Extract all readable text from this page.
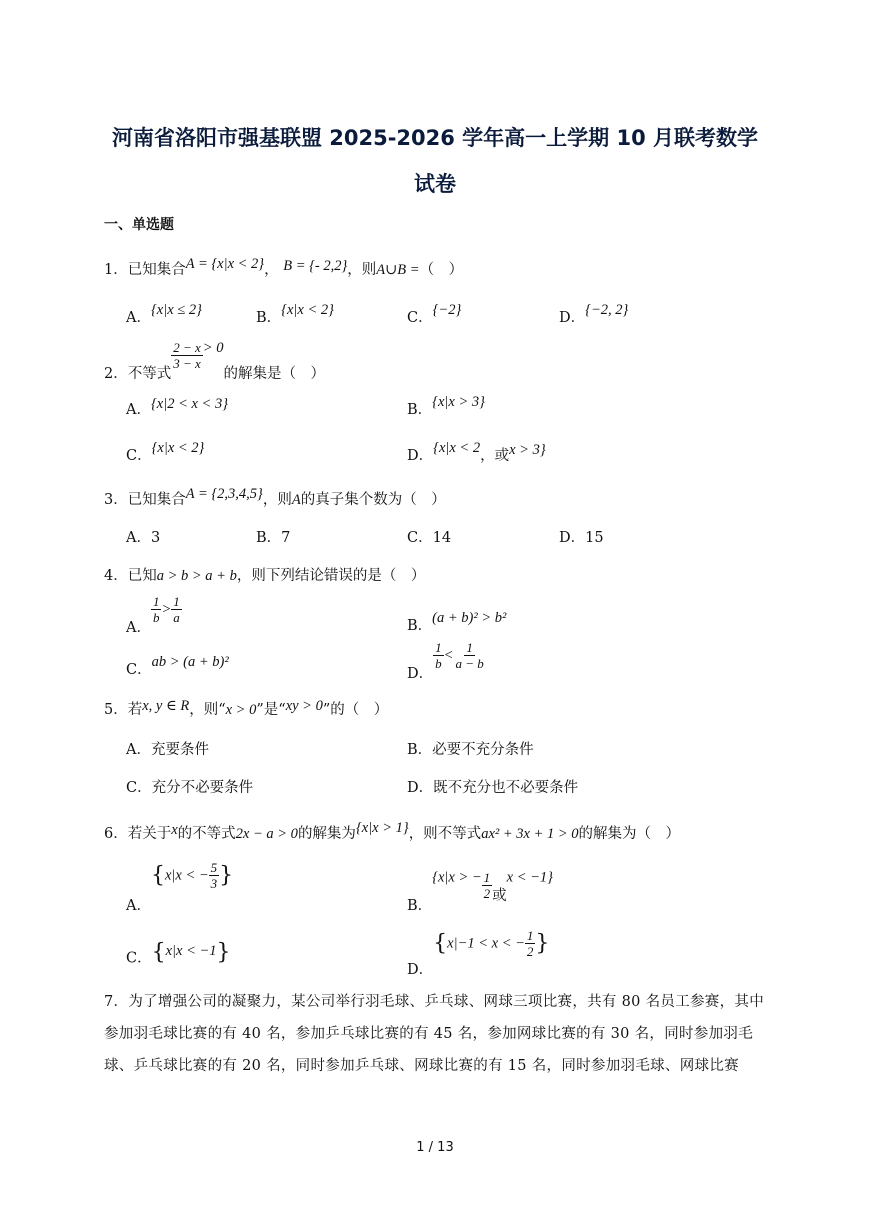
河南省洛阳市强基联盟 2025-2026 学年高一上学期 10 月联考数学
试卷
一、单选题
1．已知集合A = {x|x < 2}， B = {- 2,2}，则A∪B =（　）
A．{x|x ≤ 2}	B．{x|x < 2}	C．{−2}	D．{−2, 2}
2．不等式
$\frac{2 - x}{3 - x} > 0$的解集是（　）
A．{x|2 < x < 3}	B．{x|x > 3}
C．{x|x < 2}	D．{x|x < 2，或x > 3}
3．已知集合A = {2,3,4,5}，则A的真子集个数为（　）
A．3	B．7	C．14	D．15
4．已知a > b > a + b，则下列结论错误的是（　）
A．
$\frac{1}{b} > \frac{1}{a}$
B．(a + b)² > b²
C．ab > (a + b)²
D．
$\frac{1}{b} < \frac{1}{a - b}$
5．若x, y ∈ R，则“x > 0”是“xy > 0”的（　）
A．充要条件	B．必要不充分条件
C．充分不必要条件	D．既不充分也不必要条件
6．若关于x的不等式2x − a > 0的解集为{x|x > 1}，则不等式ax² + 3x + 1 > 0的解集为（　）
A．{x|x < − $\frac{5}{3}$ }
B．{x|x > − $\frac{1}{2}$ 或x < −1}
C．{x|x < −1}
D．{x|−1 < x < − $\frac{1}{2}$ }
7．为了增强公司的凝聚力，某公司举行羽毛球、乒乓球、网球三项比赛，共有 80 名员工参赛，其中参加羽毛球比赛的有 40 名，参加乒乓球比赛的有 45 名，参加网球比赛的有 30 名，同时参加羽毛球、乒乓球比赛的有 20 名，同时参加乒乓球、网球比赛的有 15 名，同时参加羽毛球、网球比赛
1 / 13
